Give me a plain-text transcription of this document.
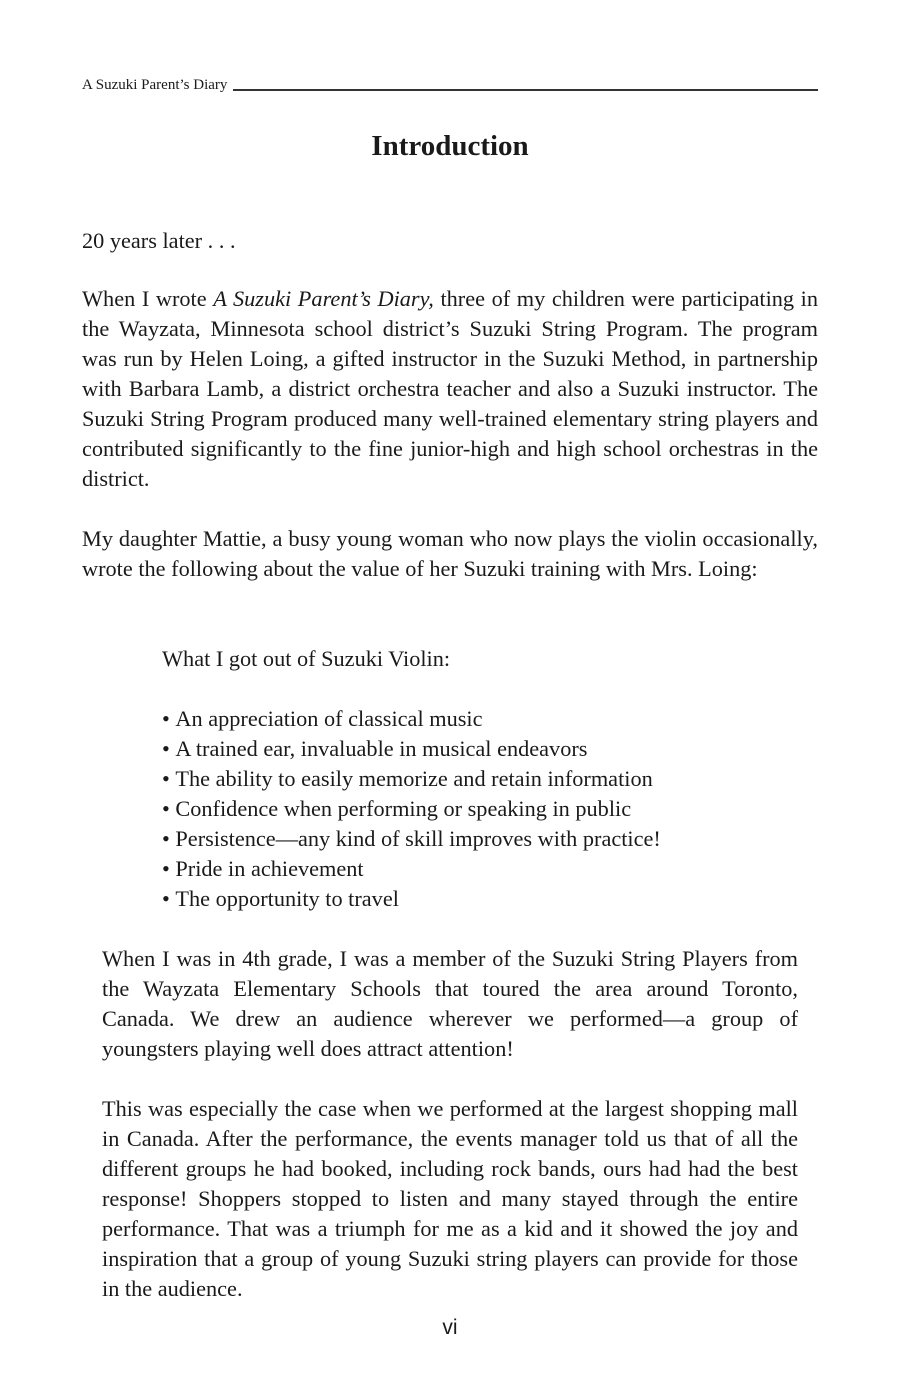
A Suzuki Parent’s Diary
Introduction

20 years later . . .

When I wrote A Suzuki Parent’s Diary, three of my children were participating in the Wayzata, Minnesota school district’s Suzuki String Program. The program was run by Helen Loing, a gifted instructor in the Suzuki Method, in partnership with Barbara Lamb, a district orchestra teacher and also a Suzuki instructor. The Suzuki String Program produced many well-trained elementary string players and contributed significantly to the fine junior-high and high school orchestras in the district.

My daughter Mattie, a busy young woman who now plays the violin occasionally, wrote the following about the value of her Suzuki training with Mrs. Loing:

What I got out of Suzuki Violin:

• An appreciation of classical music
• A trained ear, invaluable in musical endeavors
• The ability to easily memorize and retain information
• Confidence when performing or speaking in public
• Persistence—any kind of skill improves with practice!
• Pride in achievement
• The opportunity to travel

When I was in 4th grade, I was a member of the Suzuki String Players from the Wayzata Elementary Schools that toured the area around Toronto, Canada. We drew an audience wherever we performed—a group of youngsters playing well does attract attention!

This was especially the case when we performed at the largest shopping mall in Canada. After the performance, the events manager told us that of all the different groups he had booked, including rock bands, ours had had the best response! Shoppers stopped to listen and many stayed through the entire performance. That was a triumph for me as a kid and it showed the joy and inspiration that a group of young Suzuki string players can provide for those in the audience.

vi
